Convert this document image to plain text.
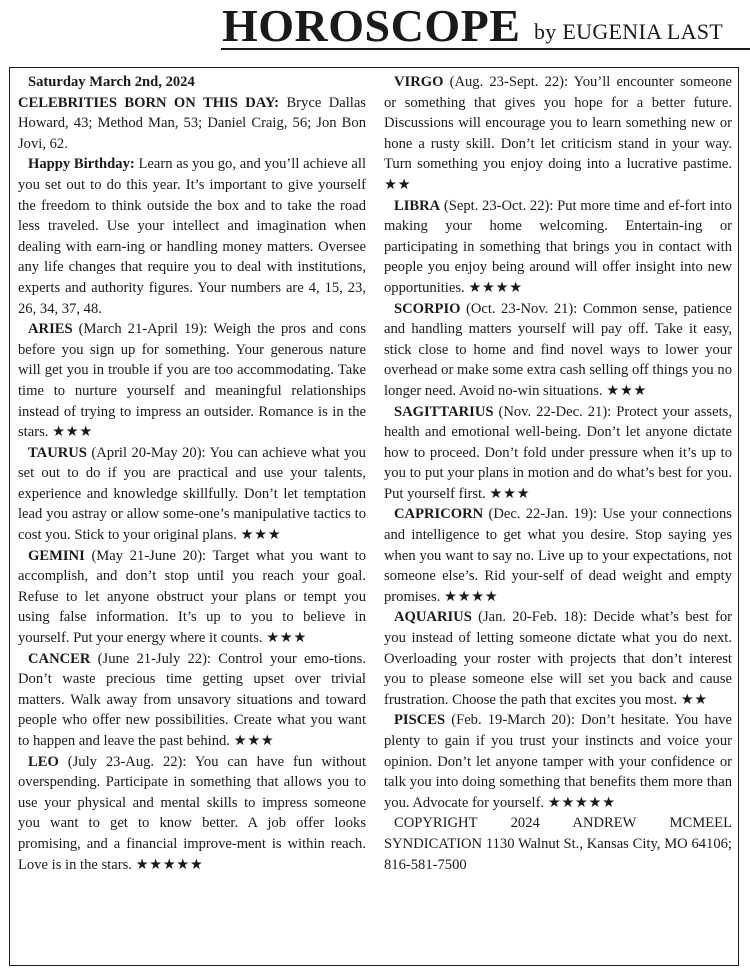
HOROSCOPE by EUGENIA LAST

Saturday March 2nd, 2024

CELEBRITIES BORN ON THIS DAY: Bryce Dallas Howard, 43; Method Man, 53; Daniel Craig, 56; Jon Bon Jovi, 62.

Happy Birthday: Learn as you go, and you’ll achieve all you set out to do this year. It’s important to give yourself the freedom to think outside the box and to take the road less traveled. Use your intellect and imagination when dealing with earn-ing or handling money matters. Oversee any life changes that require you to deal with institutions, experts and authority figures. Your numbers are 4, 15, 23, 26, 34, 37, 48.

ARIES (March 21-April 19): Weigh the pros and cons before you sign up for something. Your generous nature will get you in trouble if you are too accommodating. Take time to nurture yourself and meaningful relationships instead of trying to impress an outsider. Romance is in the stars. ★★★

TAURUS (April 20-May 20): You can achieve what you set out to do if you are practical and use your talents, experience and knowledge skillfully. Don’t let temptation lead you astray or allow some-one’s manipulative tactics to cost you. Stick to your original plans. ★★★

GEMINI (May 21-June 20): Target what you want to accomplish, and don’t stop until you reach your goal. Refuse to let anyone obstruct your plans or tempt you using false information. It’s up to you to believe in yourself. Put your energy where it counts. ★★★

CANCER (June 21-July 22): Control your emo-tions. Don’t waste precious time getting upset over trivial matters. Walk away from unsavory situations and toward people who offer new possibilities. Create what you want to happen and leave the past behind. ★★★

LEO (July 23-Aug. 22): You can have fun without overspending. Participate in something that allows you to use your physical and mental skills to impress someone you want to get to know better. A job offer looks promising, and a financial improve-ment is within reach. Love is in the stars. ★★★★★

VIRGO (Aug. 23-Sept. 22): You’ll encounter someone or something that gives you hope for a better future. Discussions will encourage you to learn something new or hone a rusty skill. Don’t let criticism stand in your way. Turn something you enjoy doing into a lucrative pastime. ★★

LIBRA (Sept. 23-Oct. 22): Put more time and ef-fort into making your home welcoming. Entertain-ing or participating in something that brings you in contact with people you enjoy being around will offer insight into new opportunities. ★★★★

SCORPIO (Oct. 23-Nov. 21): Common sense, patience and handling matters yourself will pay off. Take it easy, stick close to home and find novel ways to lower your overhead or make some extra cash selling off things you no longer need. Avoid no-win situations. ★★★

SAGITTARIUS (Nov. 22-Dec. 21): Protect your assets, health and emotional well-being. Don’t let anyone dictate how to proceed. Don’t fold under pressure when it’s up to you to put your plans in motion and do what’s best for you. Put yourself first. ★★★

CAPRICORN (Dec. 22-Jan. 19): Use your connections and intelligence to get what you desire. Stop saying yes when you want to say no. Live up to your expectations, not someone else’s. Rid your-self of dead weight and empty promises. ★★★★

AQUARIUS (Jan. 20-Feb. 18): Decide what’s best for you instead of letting someone dictate what you do next. Overloading your roster with projects that don’t interest you to please someone else will set you back and cause frustration. Choose the path that excites you most. ★★

PISCES (Feb. 19-March 20): Don’t hesitate. You have plenty to gain if you trust your instincts and voice your opinion. Don’t let anyone tamper with your confidence or talk you into doing something that benefits them more than you. Advocate for yourself. ★★★★★

COPYRIGHT 2024 ANDREW MCMEEL SYNDICATION 1130 Walnut St., Kansas City, MO 64106; 816-581-7500
